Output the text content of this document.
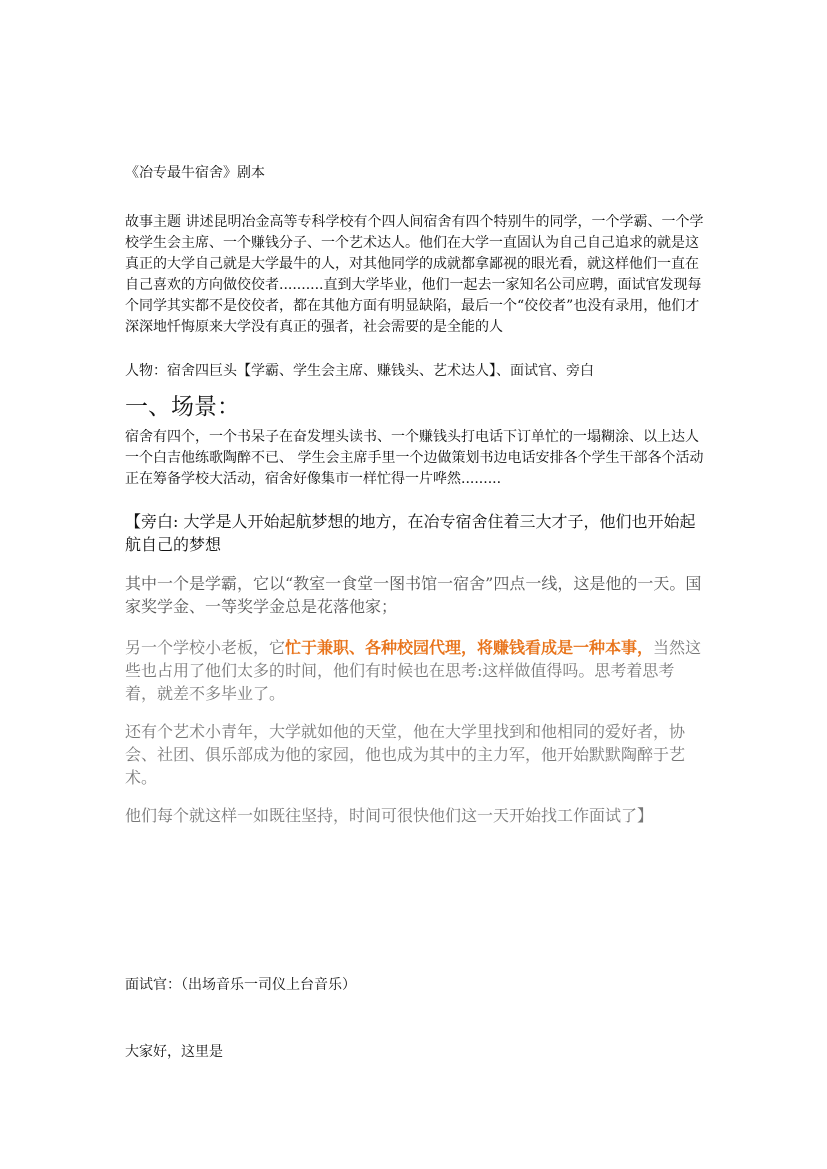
《冶专最牛宿舍》剧本
故事主题 讲述昆明冶金高等专科学校有个四人间宿舍有四个特别牛的同学，一个学霸、一个学校学生会主席、一个赚钱分子、一个艺术达人。他们在大学一直固认为自己自己追求的就是这真正的大学自己就是大学最牛的人，对其他同学的成就都拿鄙视的眼光看，就这样他们一直在自己喜欢的方向做佼佼者..........直到大学毕业，他们一起去一家知名公司应聘，面试官发现每个同学其实都不是佼佼者，都在其他方面有明显缺陷，最后一个“佼佼者”也没有录用，他们才深深地忏悔原来大学没有真正的强者，社会需要的是全能的人
人物：宿舍四巨头【学霸、学生会主席、赚钱头、艺术达人】、面试官、旁白
一、场景：
宿舍有四个，一个书呆子在奋发埋头读书、一个赚钱头打电话下订单忙的一塌糊涂、以上达人一个白吉他练歌陶醉不已、 学生会主席手里一个边做策划书边电话安排各个学生干部各个活动正在筹备学校大活动，宿舍好像集市一样忙得一片哗然.........
【旁白: 大学是人开始起航梦想的地方，在冶专宿舍住着三大才子，他们也开始起航自己的梦想
其中一个是学霸，它以“教室一食堂一图书馆一宿舍”四点一线，这是他的一天。国家奖学金、一等奖学金总是花落他家；
另一个学校小老板，它忙于兼职、各种校园代理，将赚钱看成是一种本事，当然这些也占用了他们太多的时间，他们有时候也在思考:这样做值得吗。思考着思考着，就差不多毕业了。
还有个艺术小青年，大学就如他的天堂，他在大学里找到和他相同的爱好者，协会、社团、俱乐部成为他的家园，他也成为其中的主力军，他开始默默陶醉于艺术。
他们每个就这样一如既往坚持，时间可很快他们这一天开始找工作面试了】
面试官：（出场音乐一司仪上台音乐）
大家好，这里是
